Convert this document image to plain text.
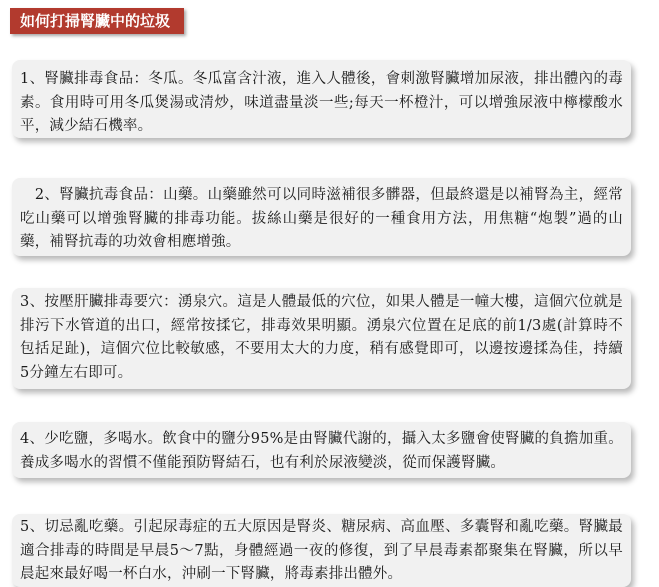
如何打掃腎臟中的垃圾

1、腎臟排毒食品：冬瓜。冬瓜富含汁液，進入人體後，會刺激腎臟增加尿液，排出體內的毒素。食用時可用冬瓜煲湯或清炒，味道盡量淡一些;每天一杯橙汁，可以增強尿液中檸檬酸水平，減少結石機率。

　2、腎臟抗毒食品：山藥。山藥雖然可以同時滋補很多髒器，但最終還是以補腎為主，經常吃山藥可以增強腎臟的排毒功能。拔絲山藥是很好的一種食用方法，用焦糖“炮製”過的山藥，補腎抗毒的功效會相應增強。

3、按壓肝臟排毒要穴：湧泉穴。這是人體最低的穴位，如果人體是一幢大樓，這個穴位就是排污下水管道的出口，經常按揉它，排毒效果明顯。湧泉穴位置在足底的前1/3處(計算時不包括足趾)，這個穴位比較敏感，不要用太大的力度，稍有感覺即可，以邊按邊揉為佳，持續5分鐘左右即可。

4、少吃鹽，多喝水。飲食中的鹽分95%是由腎臟代謝的，攝入太多鹽會使腎臟的負擔加重。養成多喝水的習慣不僅能預防腎結石，也有利於尿液變淡，從而保護腎臟。

5、切忌亂吃藥。引起尿毒症的五大原因是腎炎、糖尿病、高血壓、多囊腎和亂吃藥。腎臟最適合排毒的時間是早晨5～7點，身體經過一夜的修復，到了早晨毒素都聚集在腎臟，所以早晨起來最好喝一杯白水，沖刷一下腎臟，將毒素排出體外。
